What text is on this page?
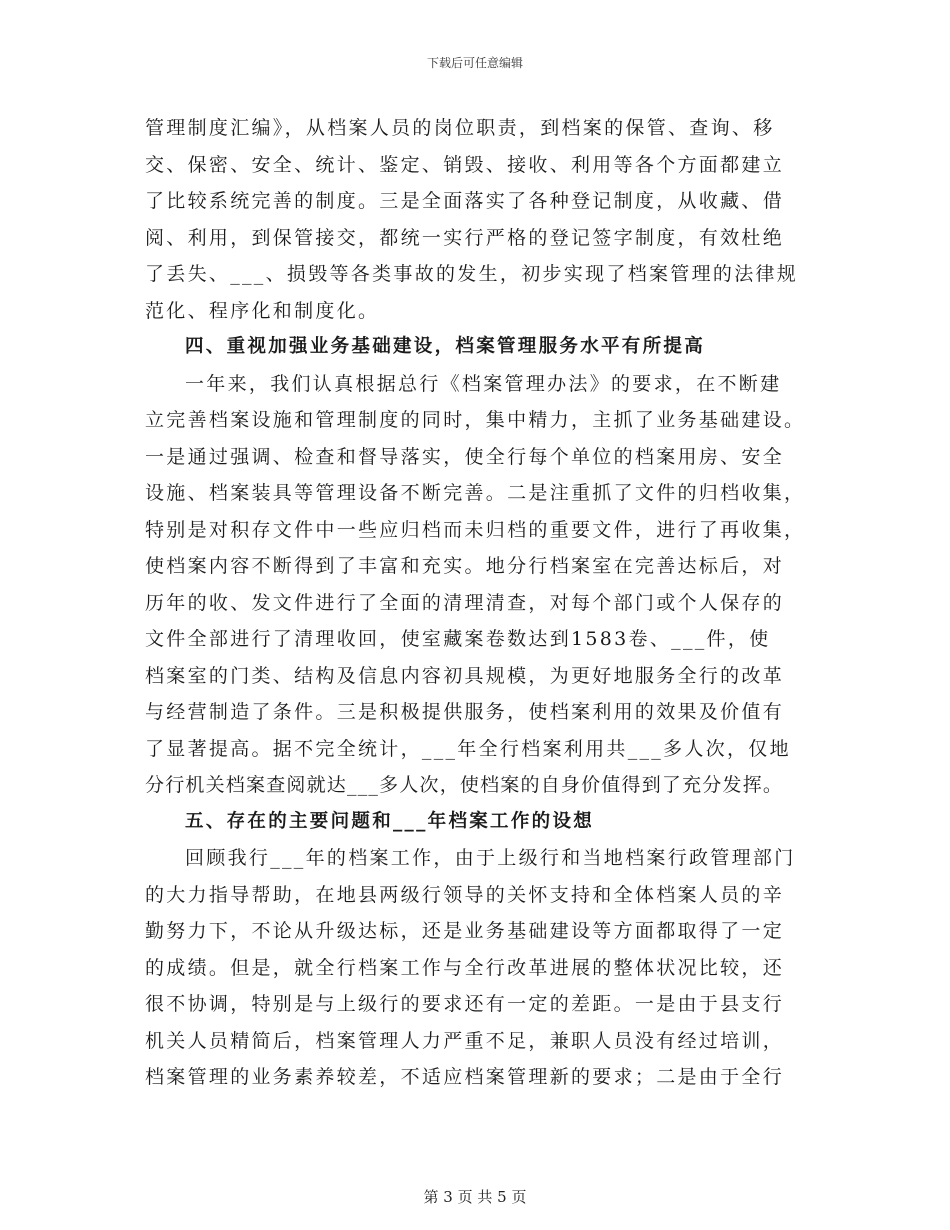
下载后可任意编辑
管理制度汇编》，从档案人员的岗位职责，到档案的保管、查询、移
交、保密、安全、统计、鉴定、销毁、接收、利用等各个方面都建立
了比较系统完善的制度。三是全面落实了各种登记制度，从收藏、借
阅、利用，到保管接交，都统一实行严格的登记签字制度，有效杜绝
了丢失、___、损毁等各类事故的发生，初步实现了档案管理的法律规
范化、程序化和制度化。
四、重视加强业务基础建设，档案管理服务水平有所提高
一年来，我们认真根据总行《档案管理办法》的要求，在不断建
立完善档案设施和管理制度的同时，集中精力，主抓了业务基础建设。
一是通过强调、检查和督导落实，使全行每个单位的档案用房、安全
设施、档案装具等管理设备不断完善。二是注重抓了文件的归档收集，
特别是对积存文件中一些应归档而未归档的重要文件，进行了再收集，
使档案内容不断得到了丰富和充实。地分行档案室在完善达标后，对
历年的收、发文件进行了全面的清理清查，对每个部门或个人保存的
文件全部进行了清理收回，使室藏案卷数达到1583卷、___件，使
档案室的门类、结构及信息内容初具规模，为更好地服务全行的改革
与经营制造了条件。三是积极提供服务，使档案利用的效果及价值有
了显著提高。据不完全统计，___年全行档案利用共___多人次，仅地
分行机关档案查阅就达___多人次，使档案的自身价值得到了充分发挥。
五、存在的主要问题和___年档案工作的设想
回顾我行___年的档案工作，由于上级行和当地档案行政管理部门
的大力指导帮助，在地县两级行领导的关怀支持和全体档案人员的辛
勤努力下，不论从升级达标，还是业务基础建设等方面都取得了一定
的成绩。但是，就全行档案工作与全行改革进展的整体状况比较，还
很不协调，特别是与上级行的要求还有一定的差距。一是由于县支行
机关人员精简后，档案管理人力严重不足，兼职人员没有经过培训，
档案管理的业务素养较差，不适应档案管理新的要求；二是由于全行
第 3 页 共 5 页
